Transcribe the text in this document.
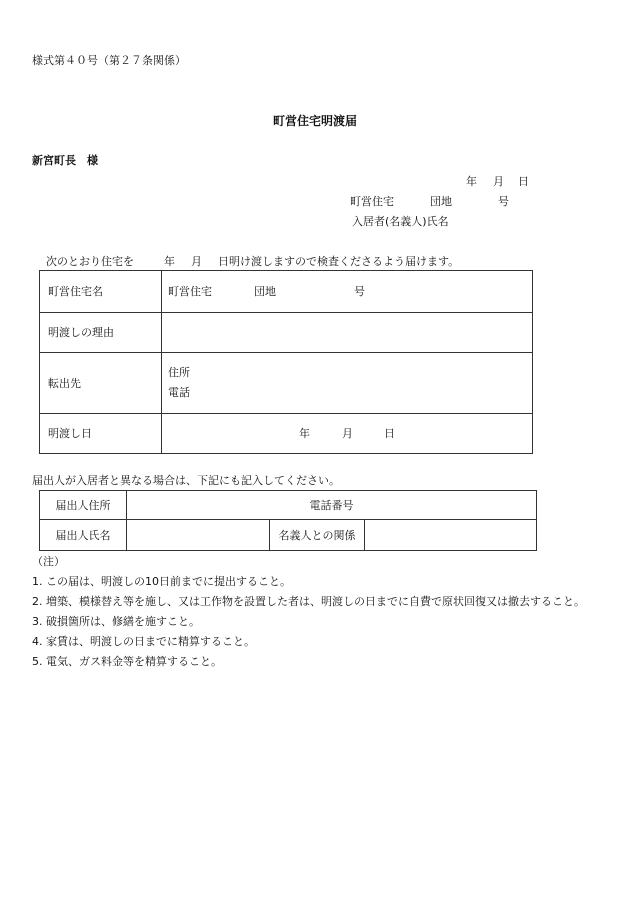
様式第４０号（第２７条関係）
町営住宅明渡届
新宮町長　様
年 月 日
町営住宅	団地	号
入居者(名義人)氏名
次のとおり住宅を	年 月 日明け渡しますので検査くださるよう届けます。
町営住宅名	町営住宅 団地 号

明渡しの理由	
転出先	住所
電話

明渡し日	年 月 日
届出人が入居者と異なる場合は、下記にも記入してください。
届出人住所	電話番号		
届出人氏名		名義人との関係	
（注）
1. この届は、明渡しの10日前までに提出すること。
2. 増築、模様替え等を施し、又は工作物を設置した者は、明渡しの日までに自費で原状回復又は撤去すること。
3. 破損箇所は、修繕を施すこと。
4. 家賃は、明渡しの日までに精算すること。
5. 電気、ガス料金等を精算すること。
